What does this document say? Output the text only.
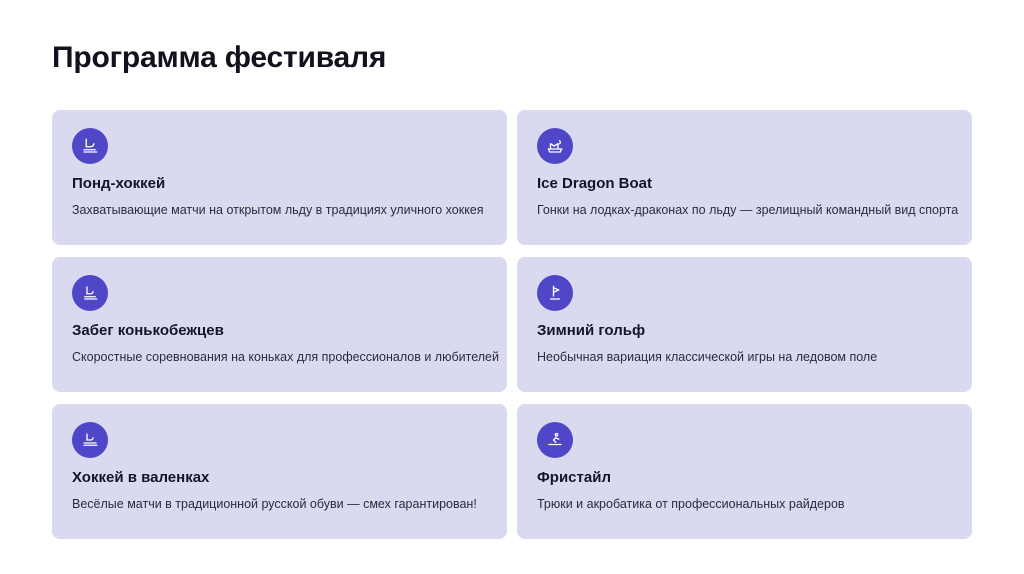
Программа фестиваля
Понд-хоккей

Захватывающие матчи на открытом льду в традициях уличного хоккея

Ice Dragon Boat

Гонки на лодках-драконах по льду — зрелищный командный вид спорта

Забег конькобежцев

Скоростные соревнования на коньках для профессионалов и любителей

Зимний гольф

Необычная вариация классической игры на ледовом поле

Хоккей в валенках

Весёлые матчи в традиционной русской обуви — смех гарантирован!

Фристайл

Трюки и акробатика от профессиональных райдеров
